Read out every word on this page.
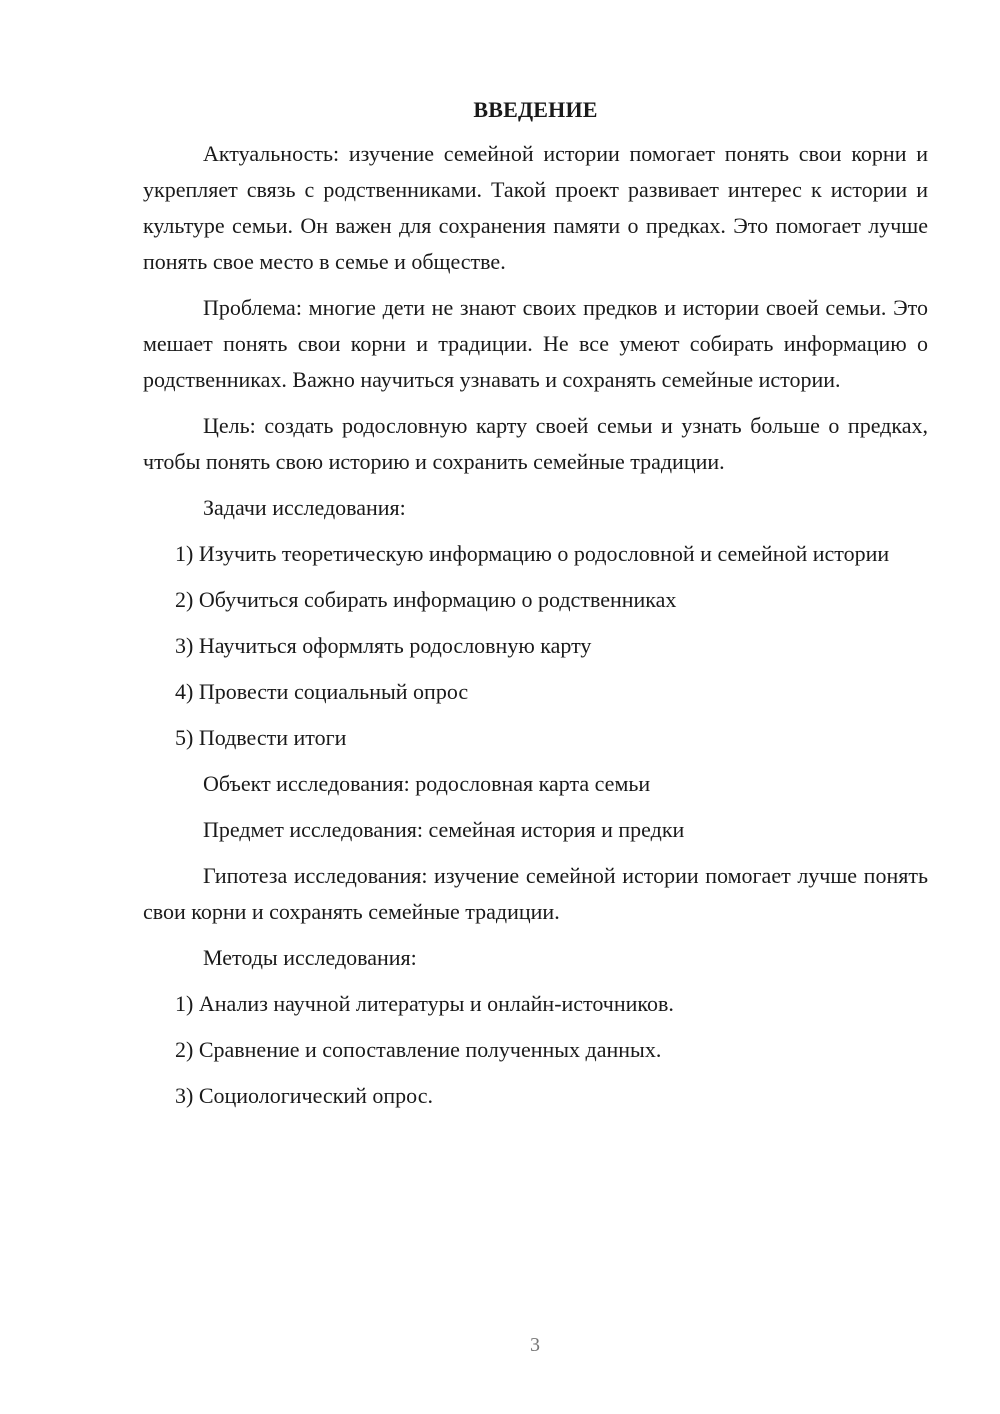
ВВЕДЕНИЕ

Актуальность: изучение семейной истории помогает понять свои корни и укрепляет связь с родственниками. Такой проект развивает интерес к истории и культуре семьи. Он важен для сохранения памяти о предках. Это помогает лучше понять свое место в семье и обществе.

Проблема: многие дети не знают своих предков и истории своей семьи. Это мешает понять свои корни и традиции. Не все умеют собирать информацию о родственниках. Важно научиться узнавать и сохранять семейные истории.

Цель: создать родословную карту своей семьи и узнать больше о предках, чтобы понять свою историю и сохранить семейные традиции.

Задачи исследования:

1) Изучить теоретическую информацию о родословной и семейной истории

2) Обучиться собирать информацию о родственниках

3) Научиться оформлять родословную карту

4) Провести социальный опрос

5) Подвести итоги

Объект исследования: родословная карта семьи

Предмет исследования: семейная история и предки

Гипотеза исследования: изучение семейной истории помогает лучше понять свои корни и сохранять семейные традиции.

Методы исследования:

1) Анализ научной литературы и онлайн-источников.

2) Сравнение и сопоставление полученных данных.

3) Социологический опрос.

3
